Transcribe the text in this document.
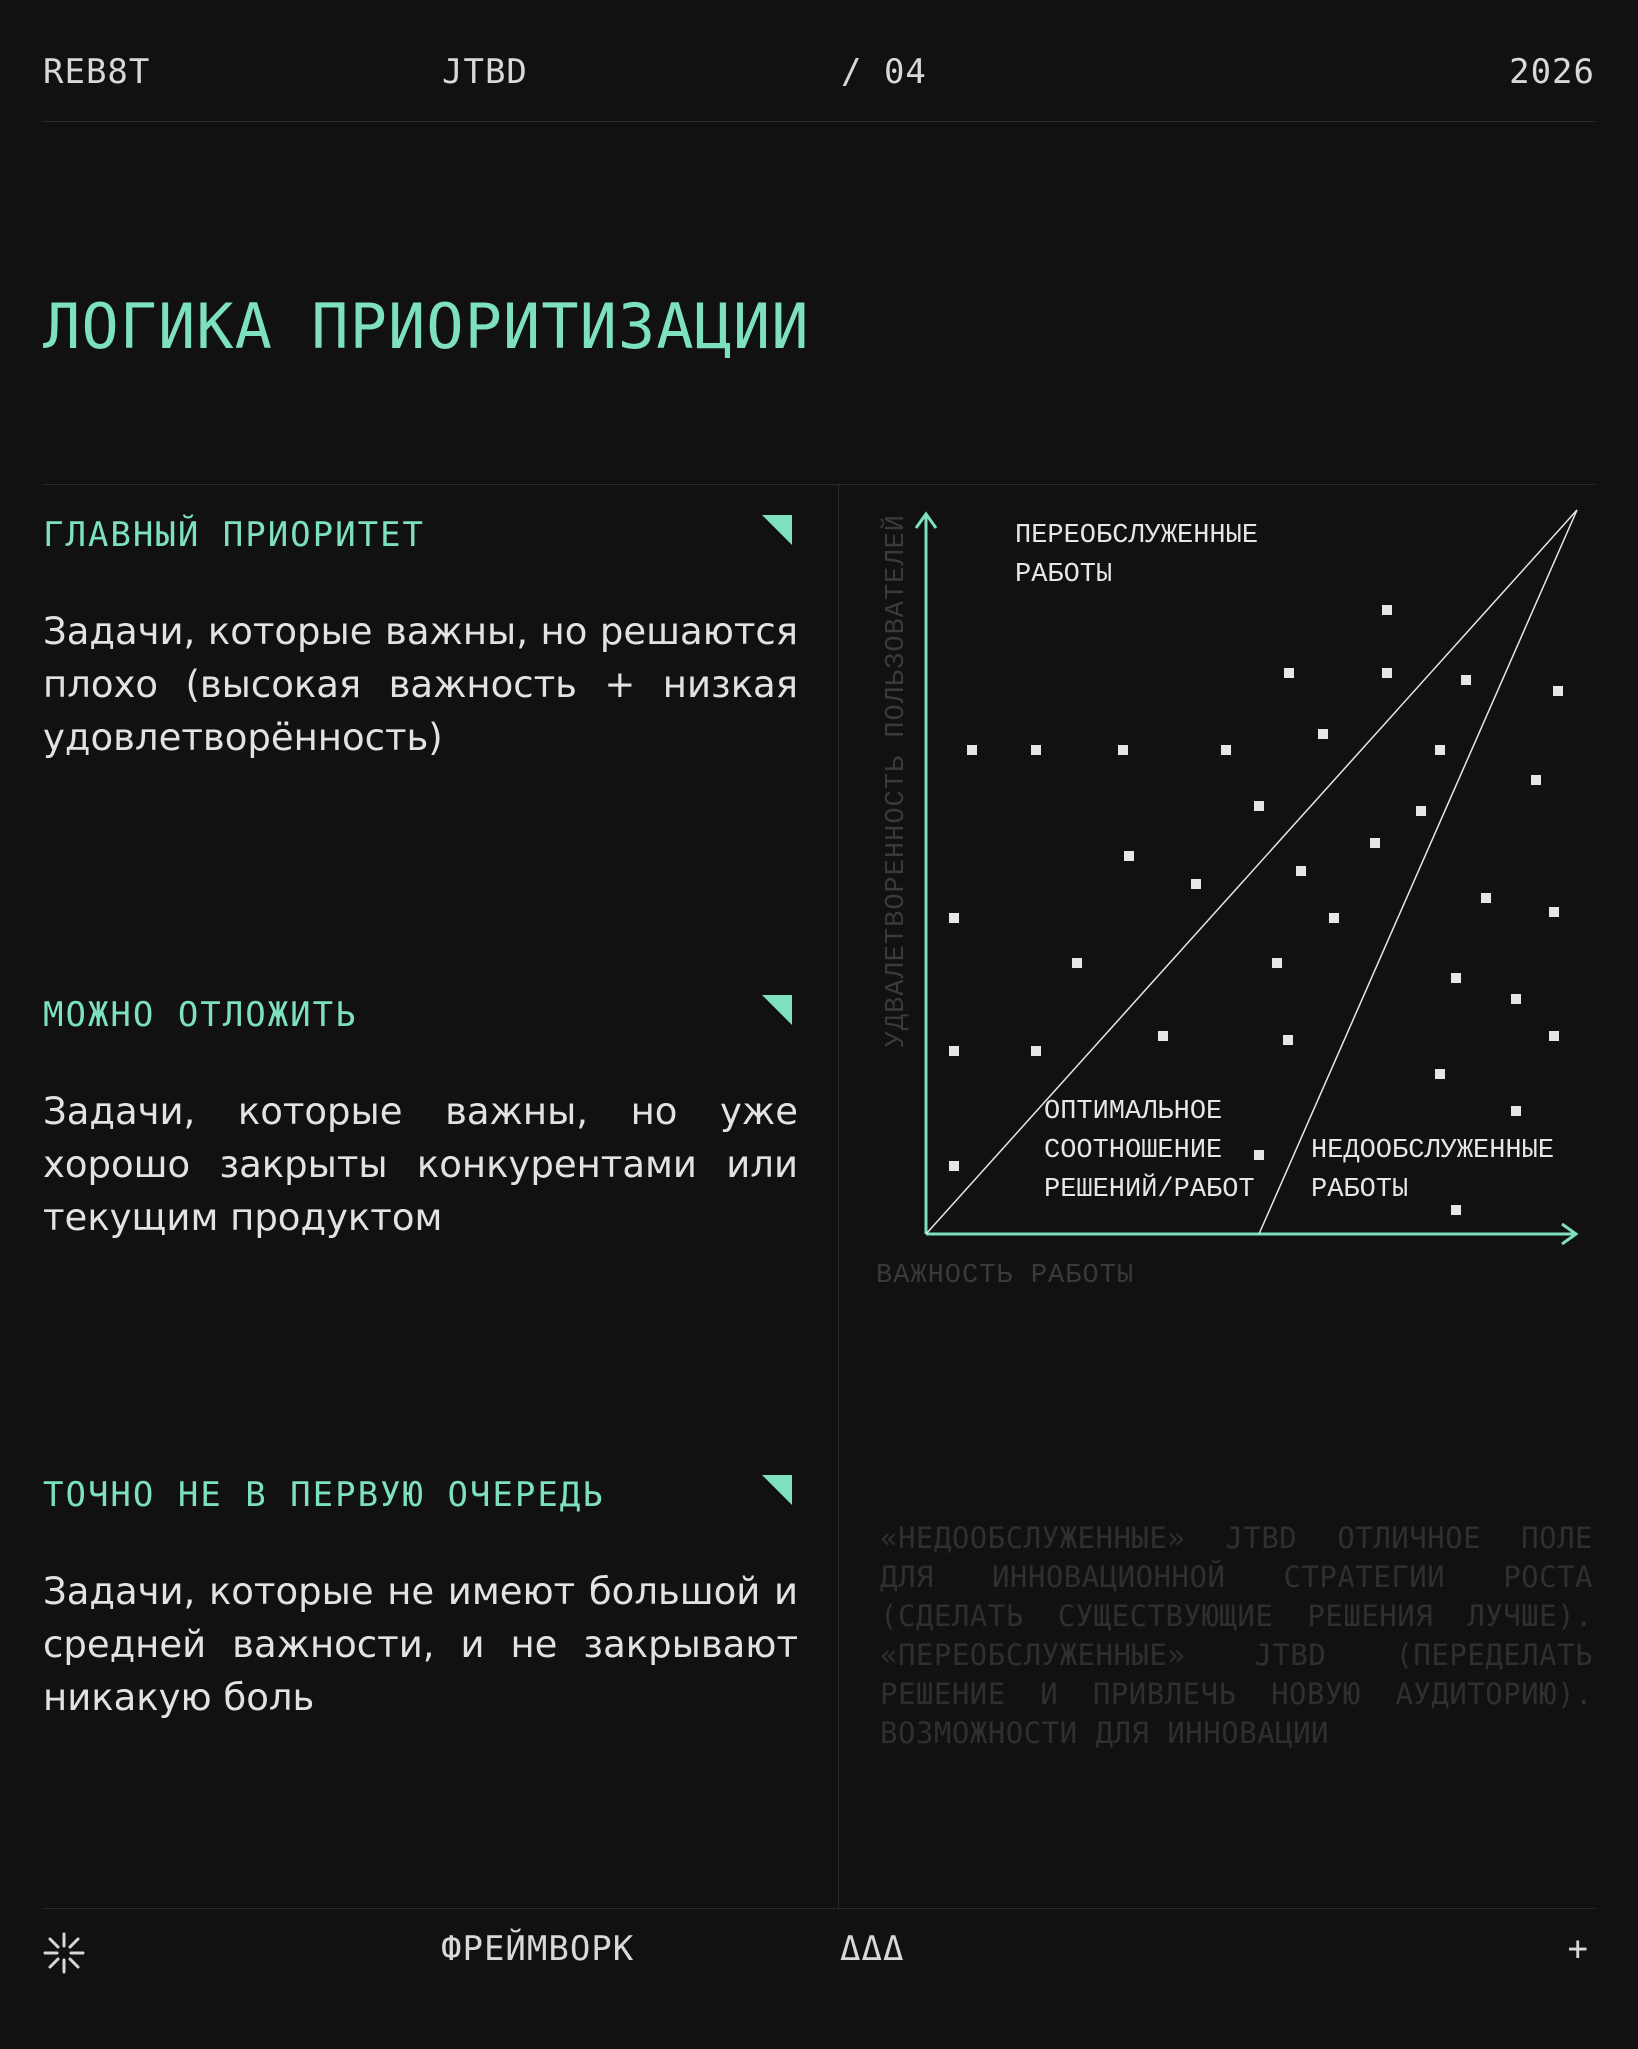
REB8T	JTBD	/ 04	2026
ЛОГИКА ПРИОРИТИЗАЦИИ
ГЛАВНЫЙ ПРИОРИТЕТ

Задачи, которые важны, но решаются плохо (высокая важность + низкая удовлетворённость)

МОЖНО ОТЛОЖИТЬ

Задачи, которые важны, но уже хорошо закрыты конкурентами или текущим продуктом

ТОЧНО НЕ В ПЕРВУЮ ОЧЕРЕДЬ

Задачи, которые не имеют большой и средней важности, и не закрывают никакую боль

УДВАЛЕТВОРЕННОСТЬ ПОЛЬЗОВАТЕЛЕЙ
ВАЖНОСТЬ РАБОТЫ
ПЕРЕОБСЛУЖЕННЫЕ
РАБОТЫ
ОПТИМАЛЬНОЕ
СООТНОШЕНИЕ
РЕШЕНИЙ/РАБОТ
НЕДООБСЛУЖЕННЫЕ
РАБОТЫ

«НЕДООБСЛУЖЕННЫЕ» JTBD ОТЛИЧНОЕ ПОЛЕ ДЛЯ ИННОВАЦИОННОЙ СТРАТЕГИИ РОСТА (СДЕЛАТЬ СУЩЕСТВУЮЩИЕ РЕШЕНИЯ ЛУЧШЕ). «ПЕРЕОБСЛУЖЕННЫЕ» JTBD (ПЕРЕДЕЛАТЬ РЕШЕНИЕ И ПРИВЛЕЧЬ НОВУЮ АУДИТОРИЮ). ВОЗМОЖНОСТИ ДЛЯ ИННОВАЦИИ

ФРЕЙМВОРК	ΔΔΔ	+
